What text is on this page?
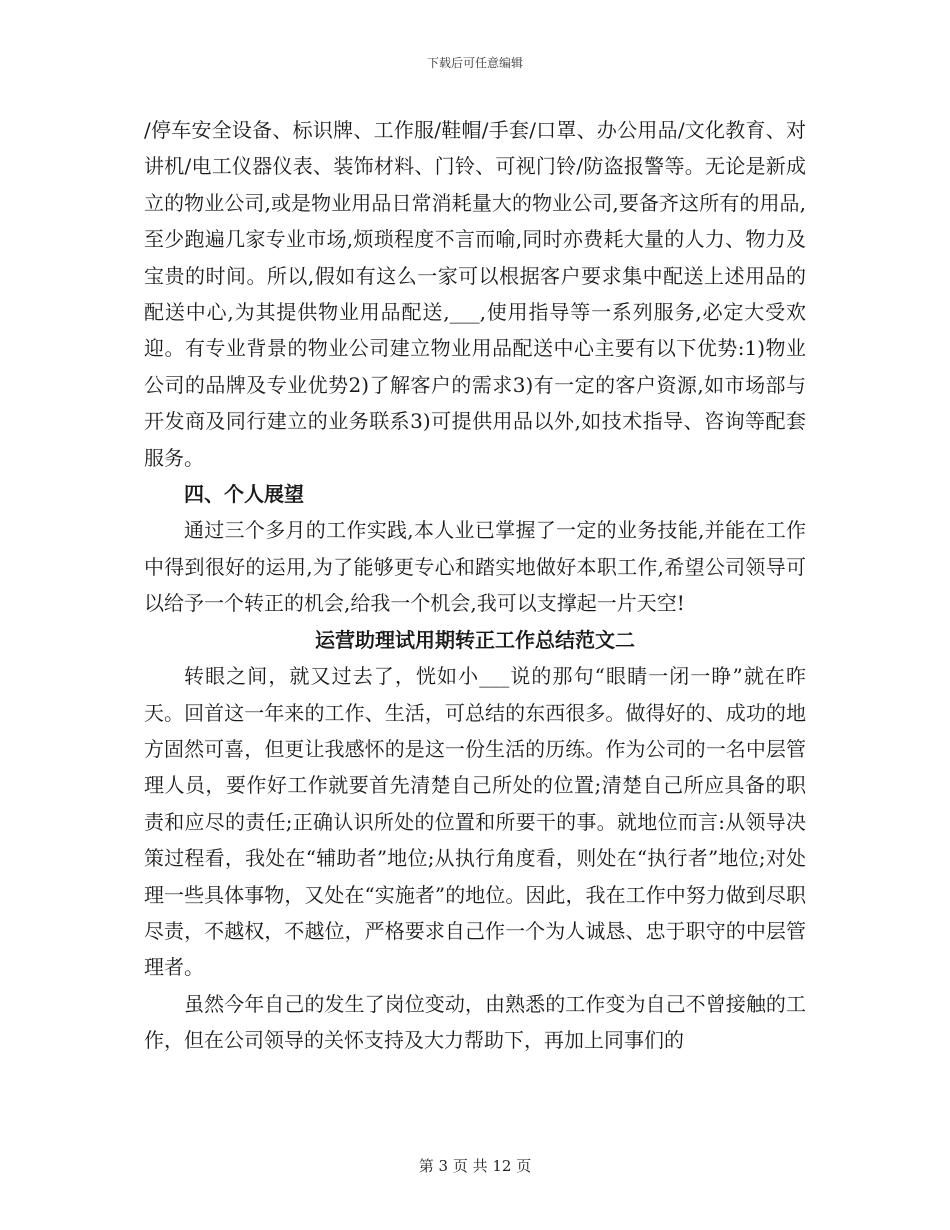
下载后可任意编辑

/停车安全设备、标识牌、工作服/鞋帽/手套/口罩、办公用品/文化教育、对讲机/电工仪器仪表、装饰材料、门铃、可视门铃/防盗报警等。无论是新成立的物业公司,或是物业用品日常消耗量大的物业公司,要备齐这所有的用品,至少跑遍几家专业市场,烦琐程度不言而喻,同时亦费耗大量的人力、物力及宝贵的时间。所以,假如有这么一家可以根据客户要求集中配送上述用品的配送中心,为其提供物业用品配送,___,使用指导等一系列服务,必定大受欢迎。有专业背景的物业公司建立物业用品配送中心主要有以下优势:1)物业公司的品牌及专业优势2)了解客户的需求3)有一定的客户资源,如市场部与开发商及同行建立的业务联系3)可提供用品以外,如技术指导、咨询等配套服务。

四、个人展望

通过三个多月的工作实践,本人业已掌握了一定的业务技能,并能在工作中得到很好的运用,为了能够更专心和踏实地做好本职工作,希望公司领导可以给予一个转正的机会,给我一个机会,我可以支撑起一片天空!

运营助理试用期转正工作总结范文二

转眼之间，就又过去了，恍如小___说的那句“眼睛一闭一睁”就在昨天。回首这一年来的工作、生活，可总结的东西很多。做得好的、成功的地方固然可喜，但更让我感怀的是这一份生活的历练。作为公司的一名中层管理人员，要作好工作就要首先清楚自己所处的位置;清楚自己所应具备的职责和应尽的责任;正确认识所处的位置和所要干的事。就地位而言:从领导决策过程看，我处在“辅助者”地位;从执行角度看，则处在“执行者”地位;对处理一些具体事物，又处在“实施者”的地位。因此，我在工作中努力做到尽职尽责，不越权，不越位，严格要求自己作一个为人诚恳、忠于职守的中层管理者。

虽然今年自己的发生了岗位变动，由熟悉的工作变为自己不曾接触的工作，但在公司领导的关怀支持及大力帮助下，再加上同事们的

第 3 页 共 12 页
